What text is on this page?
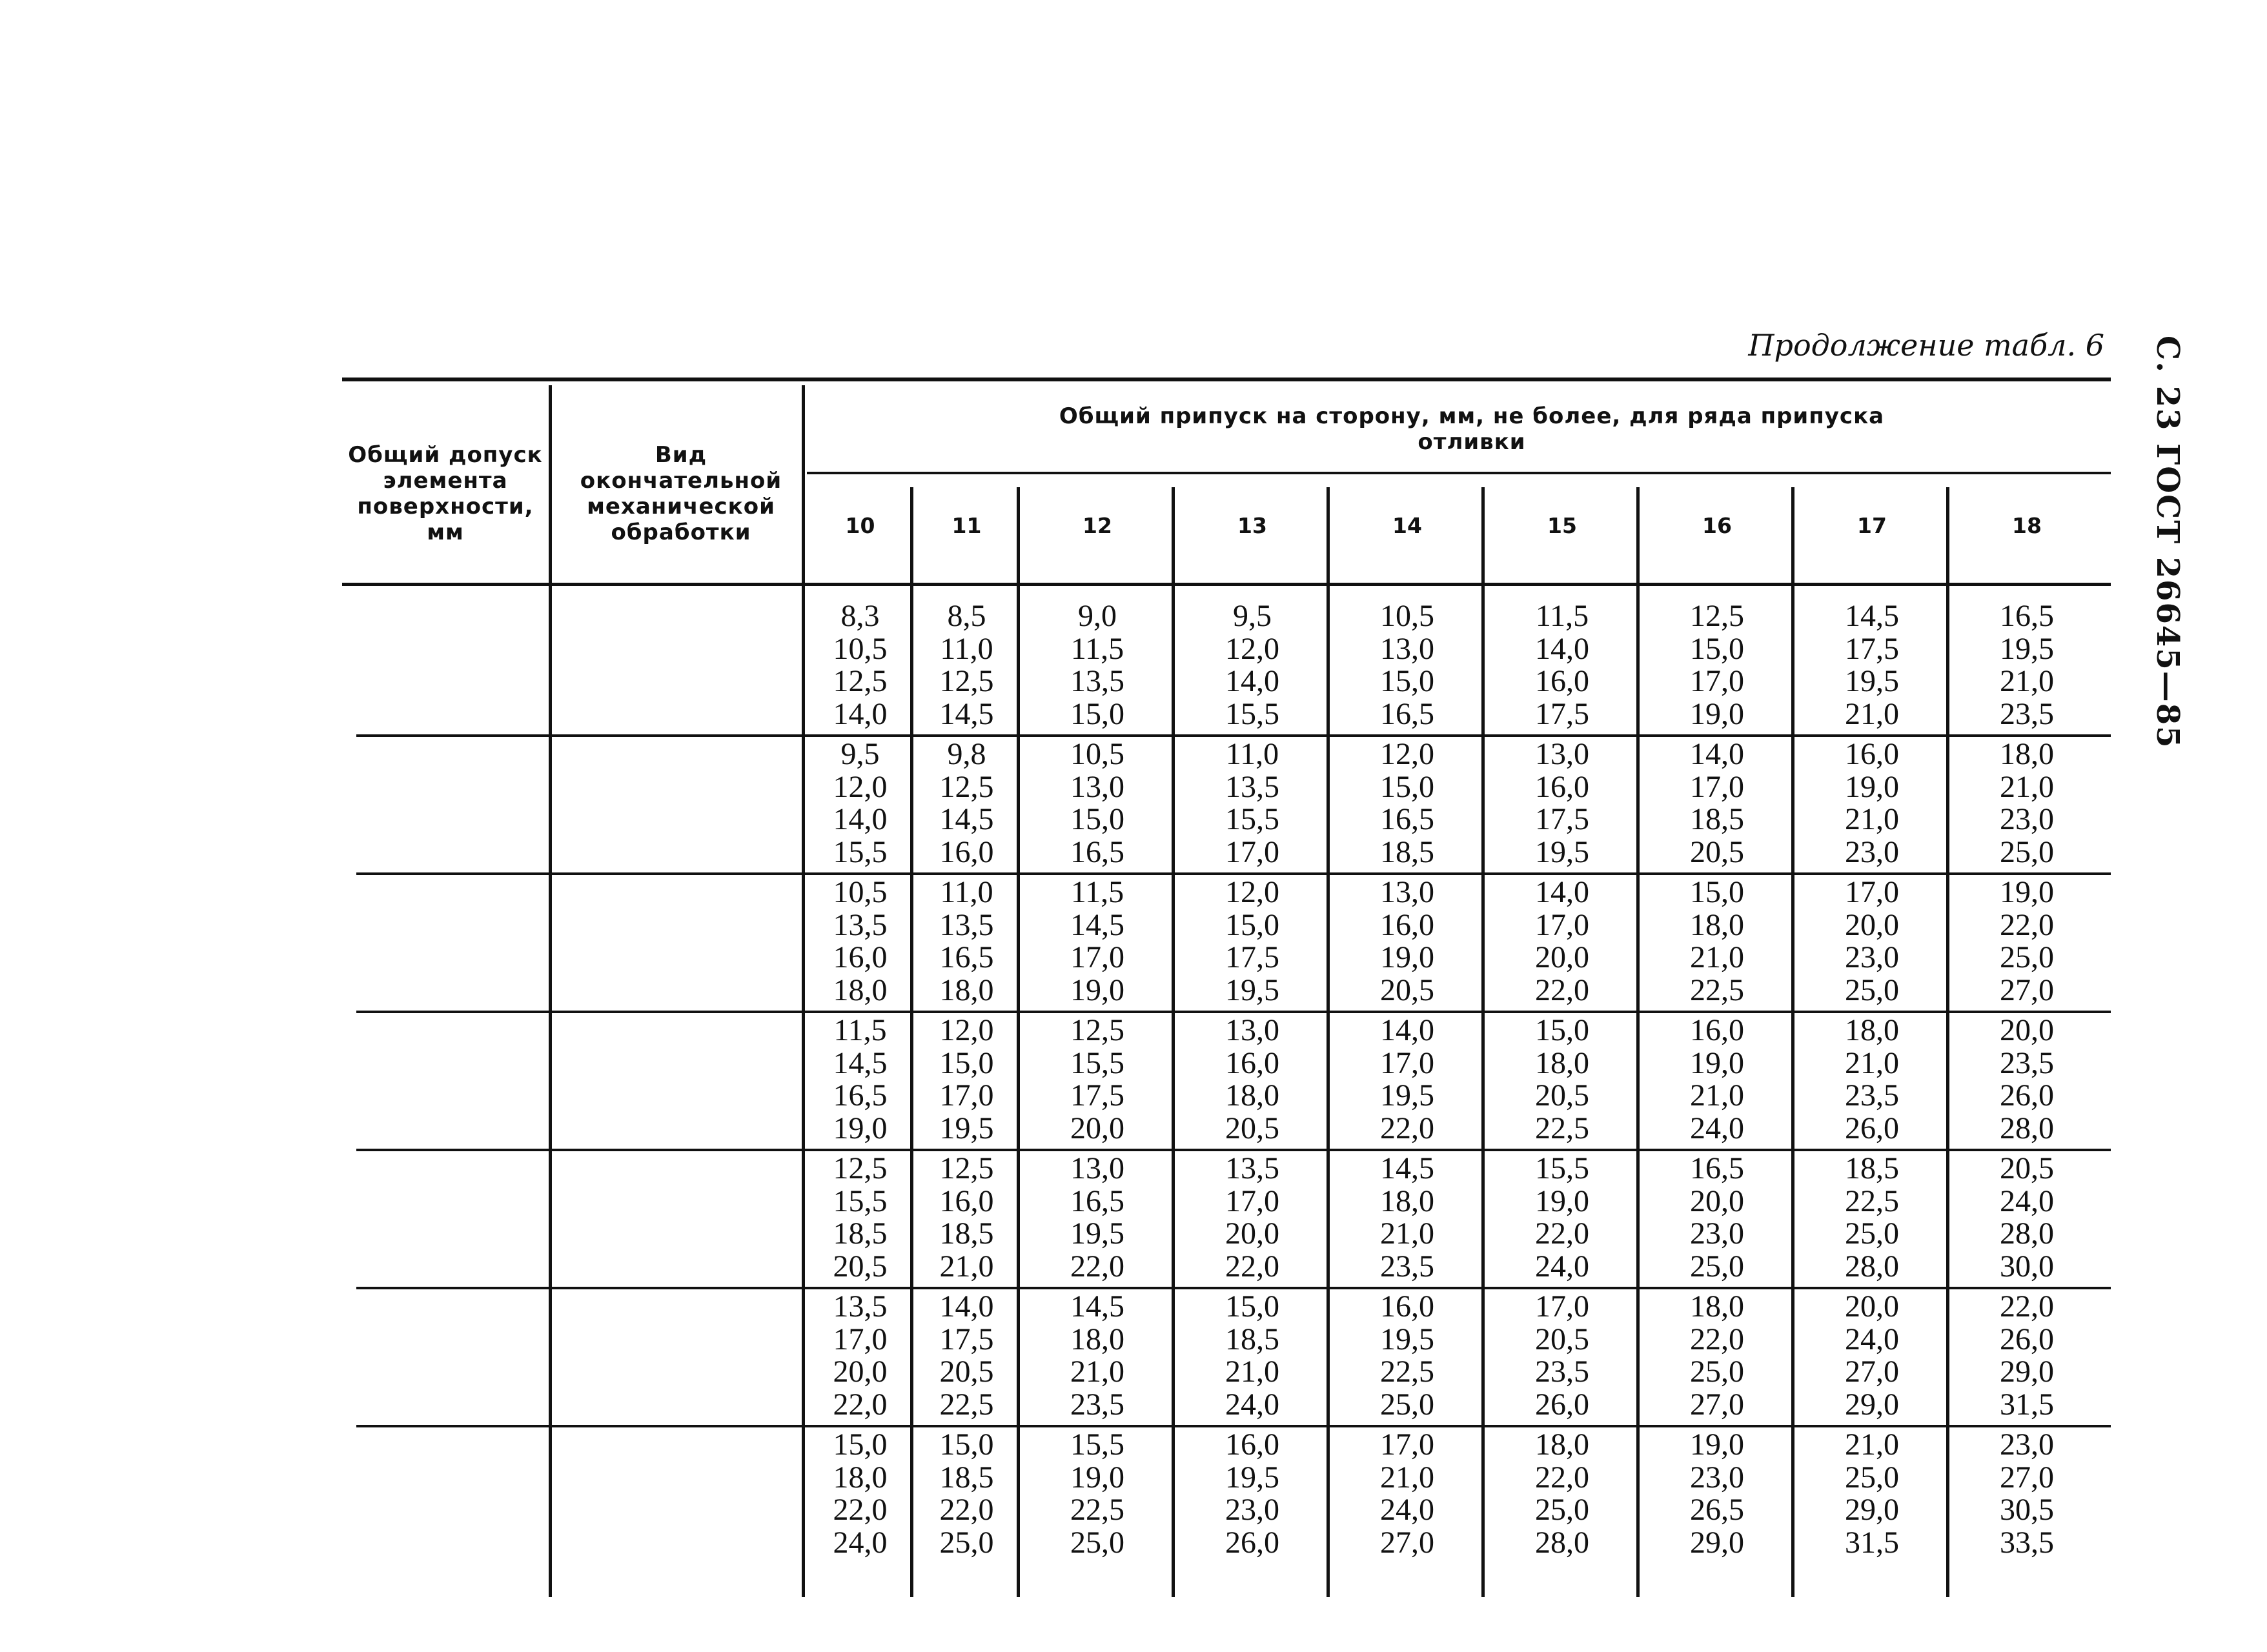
Продолжение табл. 6 С. 23 ГОСТ 26645—85
Общий допуск элемента поверхности, мм
Вид окончательной механической обработки
Общий припуск на сторону, мм, не более, для ряда припуска отливки
10	11	12	13	14	15	16	17	18
8,3	8,5	9,0	9,5	10,5	11,5	12,5	14,5	16,5
10,5	11,0	11,5	12,0	13,0	14,0	15,0	17,5	19,5
12,5	12,5	13,5	14,0	15,0	16,0	17,0	19,5	21,0
14,0	14,5	15,0	15,5	16,5	17,5	19,0	21,0	23,5
9,5	9,8	10,5	11,0	12,0	13,0	14,0	16,0	18,0
12,0	12,5	13,0	13,5	15,0	16,0	17,0	19,0	21,0
14,0	14,5	15,0	15,5	16,5	17,5	18,5	21,0	23,0
15,5	16,0	16,5	17,0	18,5	19,5	20,5	23,0	25,0
10,5	11,0	11,5	12,0	13,0	14,0	15,0	17,0	19,0
13,5	13,5	14,5	15,0	16,0	17,0	18,0	20,0	22,0
16,0	16,5	17,0	17,5	19,0	20,0	21,0	23,0	25,0
18,0	18,0	19,0	19,5	20,5	22,0	22,5	25,0	27,0
11,5	12,0	12,5	13,0	14,0	15,0	16,0	18,0	20,0
14,5	15,0	15,5	16,0	17,0	18,0	19,0	21,0	23,5
16,5	17,0	17,5	18,0	19,5	20,5	21,0	23,5	26,0
19,0	19,5	20,0	20,5	22,0	22,5	24,0	26,0	28,0
12,5	12,5	13,0	13,5	14,5	15,5	16,5	18,5	20,5
15,5	16,0	16,5	17,0	18,0	19,0	20,0	22,5	24,0
18,5	18,5	19,5	20,0	21,0	22,0	23,0	25,0	28,0
20,5	21,0	22,0	22,0	23,5	24,0	25,0	28,0	30,0
13,5	14,0	14,5	15,0	16,0	17,0	18,0	20,0	22,0
17,0	17,5	18,0	18,5	19,5	20,5	22,0	24,0	26,0
20,0	20,5	21,0	21,0	22,5	23,5	25,0	27,0	29,0
22,0	22,5	23,5	24,0	25,0	26,0	27,0	29,0	31,5
15,0	15,0	15,5	16,0	17,0	18,0	19,0	21,0	23,0
18,0	18,5	19,0	19,5	21,0	22,0	23,0	25,0	27,0
22,0	22,0	22,5	23,0	24,0	25,0	26,5	29,0	30,5
24,0	25,0	25,0	26,0	27,0	28,0	29,0	31,5	33,5
